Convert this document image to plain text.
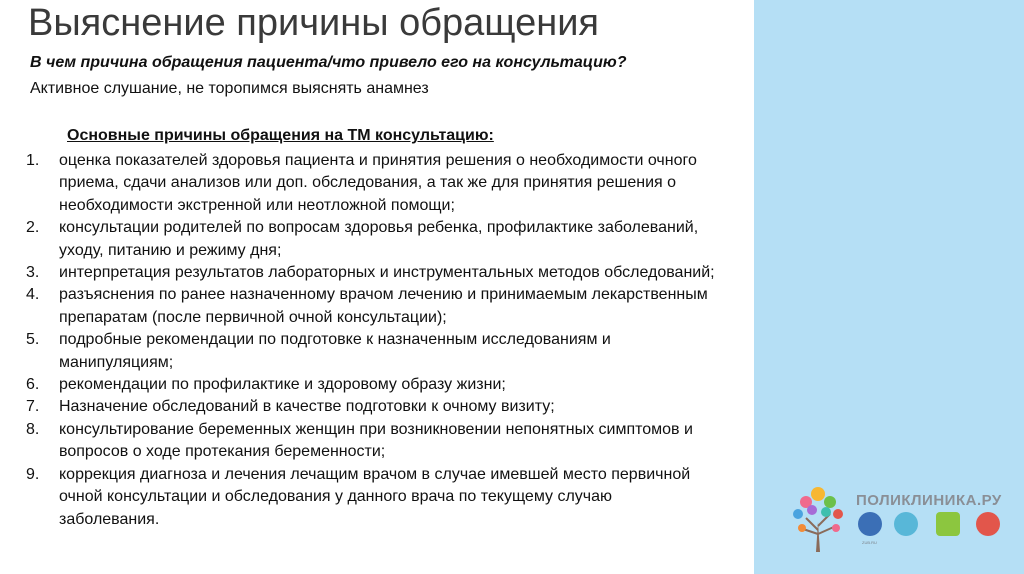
Выяснение причины обращения
В чем причина обращения пациента/что привело его на консультацию?
Активное слушание, не торопимся выяснять анамнез
Основные причины обращения на ТМ консультацию:
1. оценка показателей здоровья пациента и принятия решения о необходимости очного приема, сдачи анализов или доп. обследования, а так же для принятия решения о необходимости экстренной или неотложной помощи;
2. консультации родителей по вопросам здоровья ребенка, профилактике заболеваний, уходу, питанию и режиму дня;
3. интерпретация результатов лабораторных и инструментальных методов обследований;
4. разъяснения по ранее назначенному врачом лечению и принимаемым лекарственным препаратам (после первичной очной консультации);
5. подробные рекомендации по подготовке к назначенным исследованиям и манипуляциям;
6. рекомендации по профилактике и здоровому образу жизни;
7. Назначение обследований в качестве подготовки к очному визиту;
8. консультирование беременных женщин при возникновении непонятных симптомов и вопросов о ходе протекания беременности;
9. коррекция диагноза и лечения лечащим врачом в случае имевшей место первичной очной консультации и обследования у данного врача по текущему случаю заболевания.
ПОЛИКЛИНИКА.РУ
ZUB.RU
